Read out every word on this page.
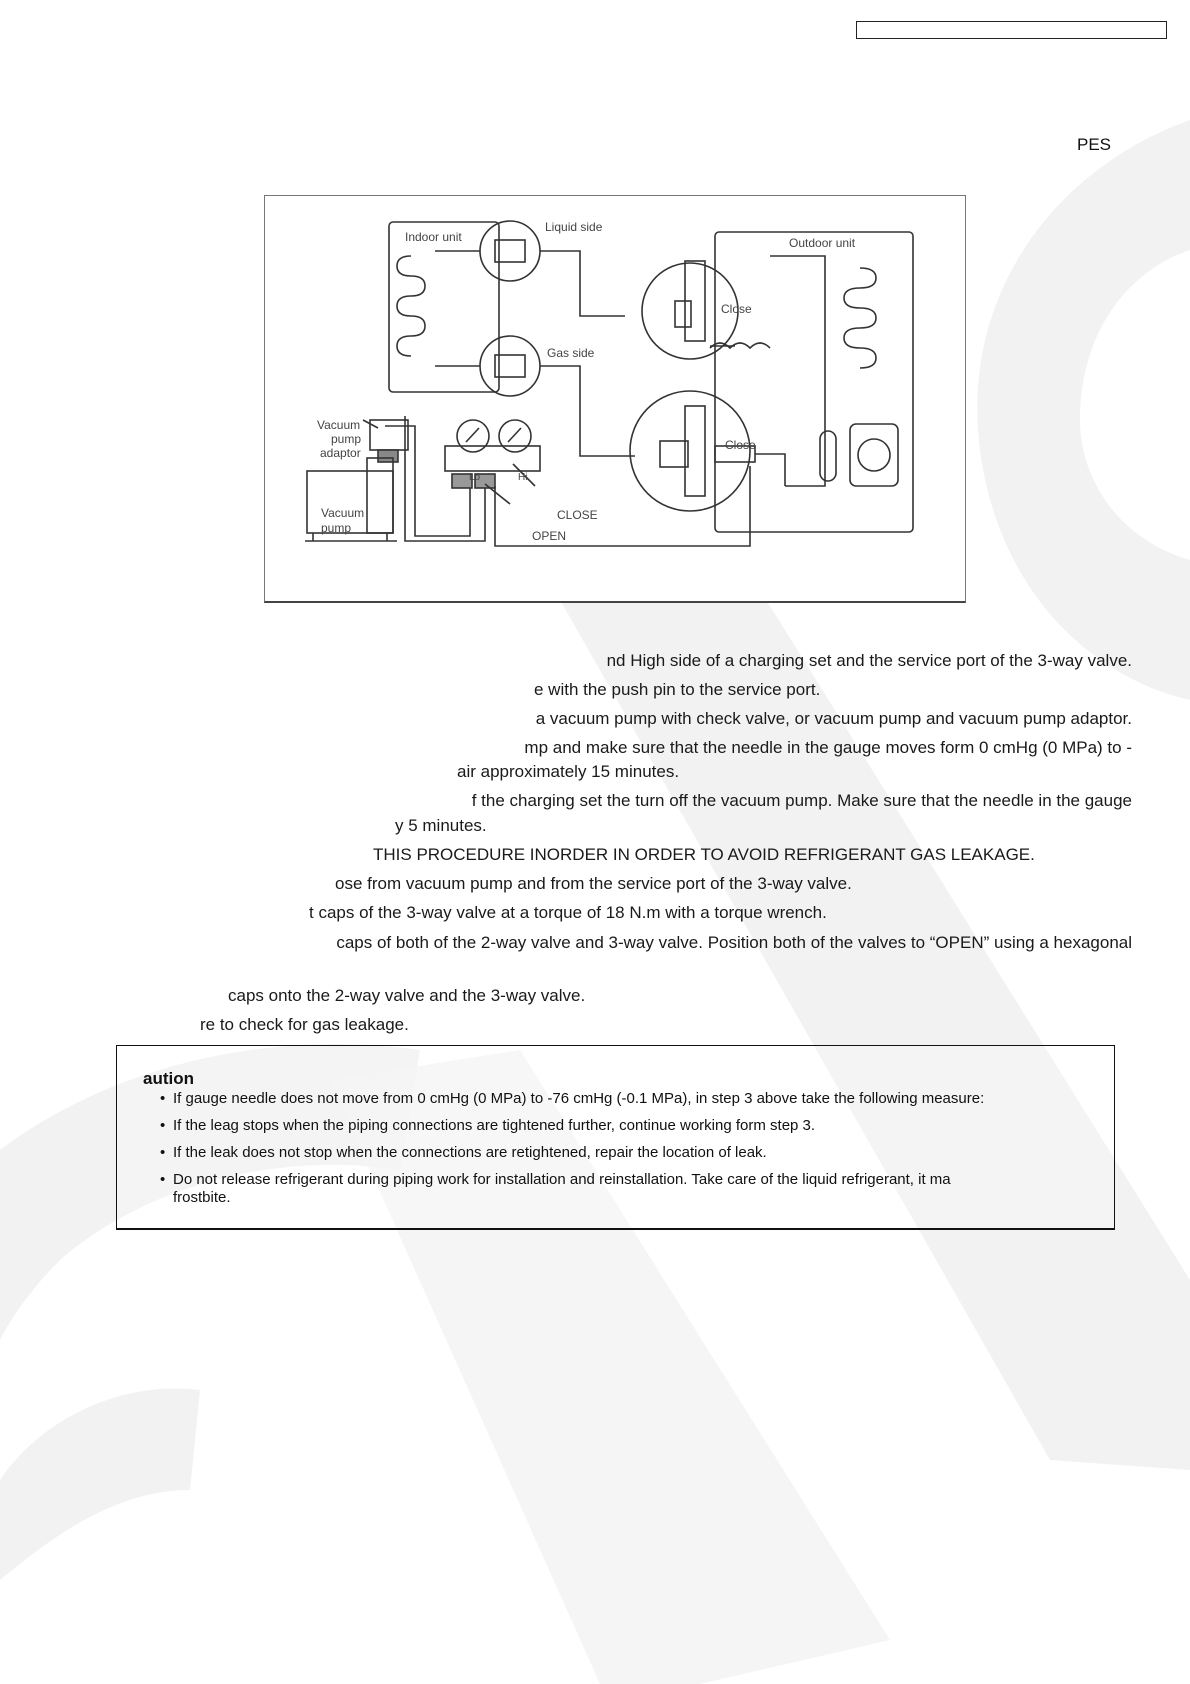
PES
Indoor unit
Liquid side
Outdoor unit
Close
Gas side
Close
Vacuum
pump
adaptor
Vacuum
pump
Lo	Hi
CLOSE
OPEN
nd High side of a charging set and the service port of the 3-way valve.
e with the push pin to the service port.
a vacuum pump with check valve, or vacuum pump and vacuum pump adaptor.
mp and make sure that the needle in the gauge moves form 0 cmHg (0 MPa) to -
air approximately 15 minutes.
f the charging set the turn off the vacuum pump. Make sure that the needle in the gauge
y 5 minutes.
THIS PROCEDURE INORDER IN ORDER TO AVOID REFRIGERANT GAS LEAKAGE.
ose from vacuum pump and from the service port of the 3-way valve.
t caps of the 3-way valve at a torque of 18 N.m with a torque wrench.
caps of both of the 2-way valve and 3-way valve. Position both of the valves to “OPEN” using a hexagonal
caps onto the 2-way valve and the 3-way valve.
re to check for gas leakage.
aution
• If gauge needle does not move from 0 cmHg (0 MPa) to -76 cmHg (-0.1 MPa), in step 3 above take the following measure:
• If the leag stops when the piping connections are tightened further, continue working form step 3.
• If the leak does not stop when the connections are retightened, repair the location of leak.
• Do not release refrigerant during piping work for installation and reinstallation. Take care of the liquid refrigerant, it ma
frostbite.
